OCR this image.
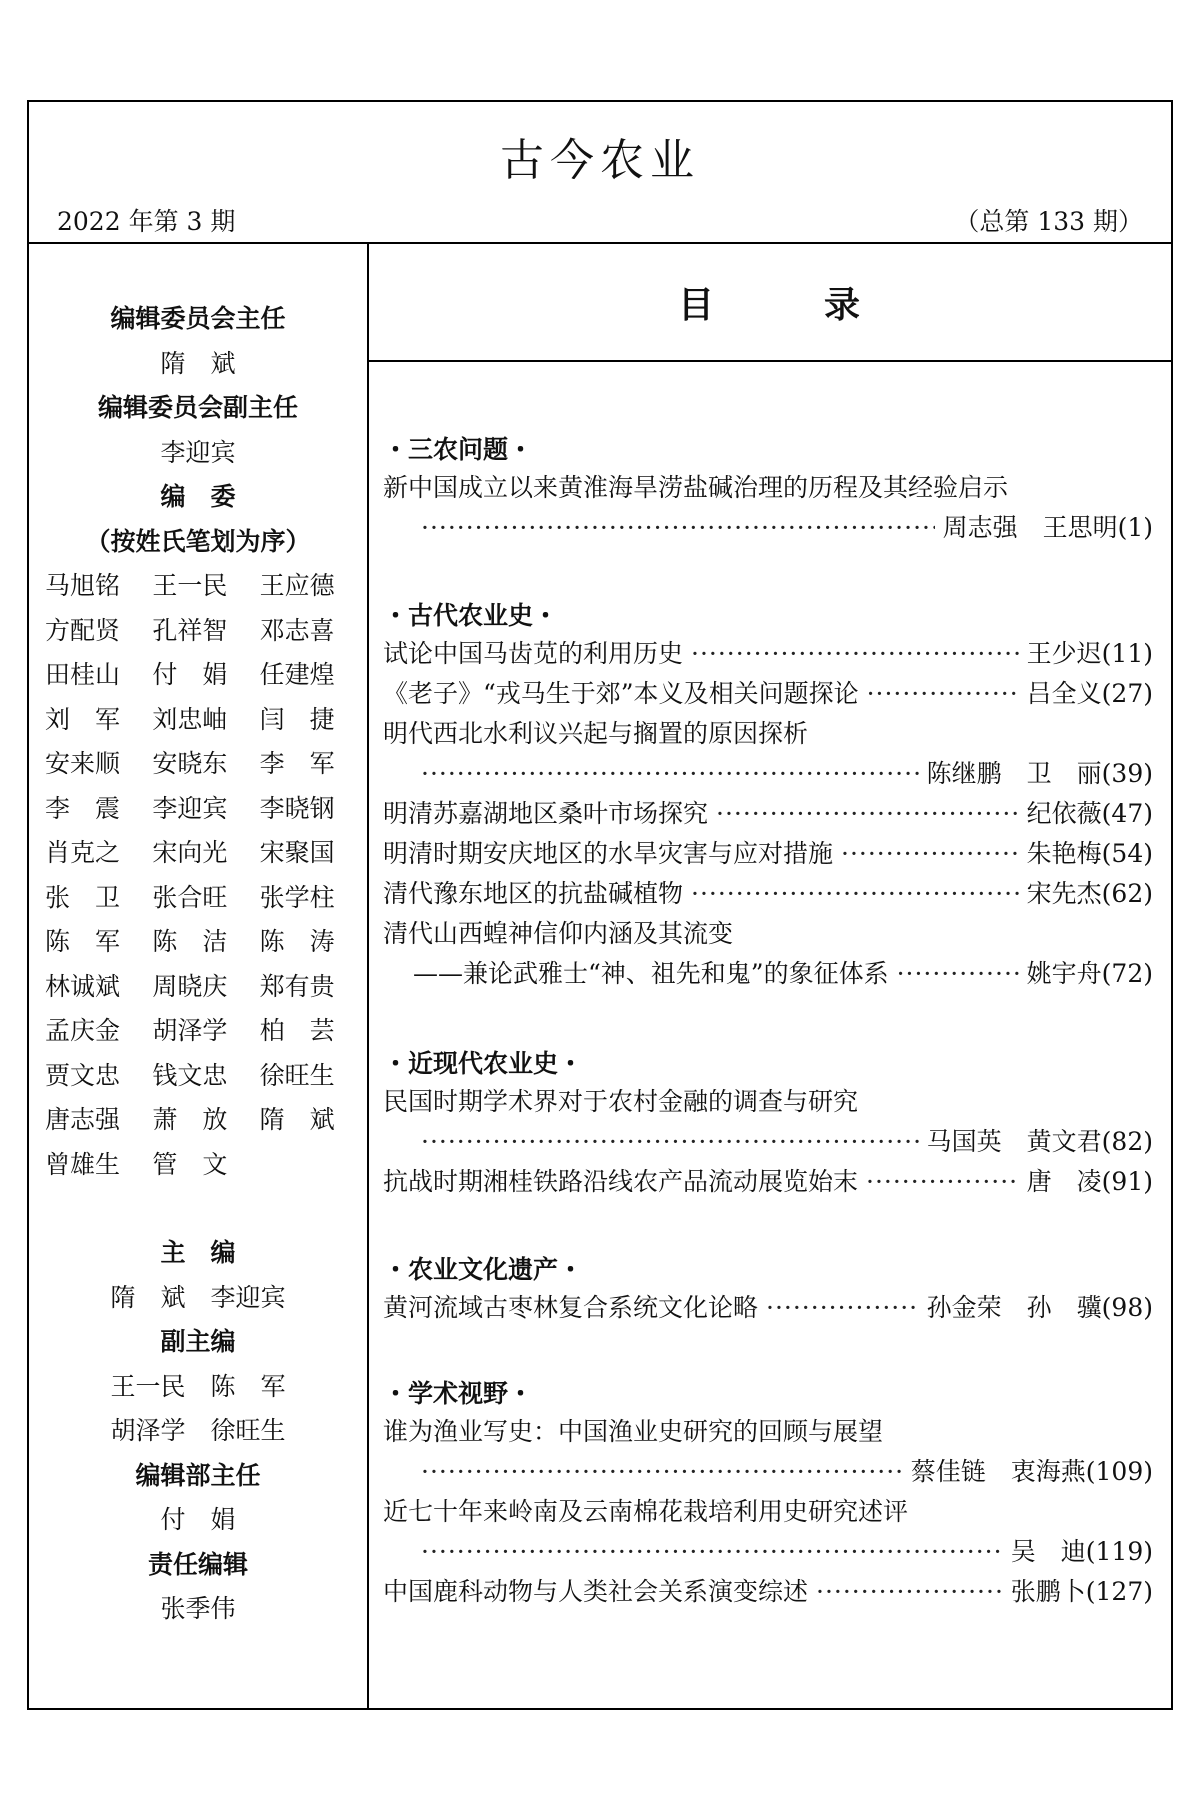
古今农业
2022 年第 3 期	（总第 133 期）
目录
编辑委员会主任
隋　斌
编辑委员会副主任
李迎宾
编　委
（按姓氏笔划为序）
马旭铭	王一民	王应德
方配贤	孔祥智	邓志喜
田桂山	付　娟	任建煌
刘　军	刘忠岫	闫　捷
安来顺	安晓东	李　军
李　震	李迎宾	李晓钢
肖克之	宋向光	宋聚国
张　卫	张合旺	张学柱
陈　军	陈　洁	陈　涛
林诚斌	周晓庆	郑有贵
孟庆金	胡泽学	柏　芸
贾文忠	钱文忠	徐旺生
唐志强	萧　放	隋　斌
曾雄生	管　文
主　编
隋　斌　李迎宾
副主编
王一民　陈　军
胡泽学　徐旺生
编辑部主任
付　娟
责任编辑
张季伟
・三农问题・
新中国成立以来黄淮海旱涝盐碱治理的历程及其经验启示
·····
周志强　王思明(1)
・古代农业史・
试论中国马齿苋的利用历史 ·····	王少迟(11)
《老子》“戎马生于郊”本义及相关问题探论 ·····	吕全义(27)
明代西北水利议兴起与搁置的原因探析
·····
陈继鹏　卫　丽(39)
明清苏嘉湖地区桑叶市场探究 ·····	纪依薇(47)
明清时期安庆地区的水旱灾害与应对措施 ·····	朱艳梅(54)
清代豫东地区的抗盐碱植物 ·····	宋先杰(62)
清代山西蝗神信仰内涵及其流变
——兼论武雅士“神、祖先和鬼”的象征体系 ·····	姚宇舟(72)
・近现代农业史・
民国时期学术界对于农村金融的调查与研究
·····
马国英　黄文君(82)
抗战时期湘桂铁路沿线农产品流动展览始末 ·····	唐　凌(91)
・农业文化遗产・
黄河流域古枣林复合系统文化论略 ·····	孙金荣　孙　骥(98)
・学术视野・
谁为渔业写史：中国渔业史研究的回顾与展望
·····
蔡佳链　衷海燕(109)
近七十年来岭南及云南棉花栽培利用史研究述评
·····
吴　迪(119)
中国鹿科动物与人类社会关系演变综述 ·····	张鹏卜(127)
